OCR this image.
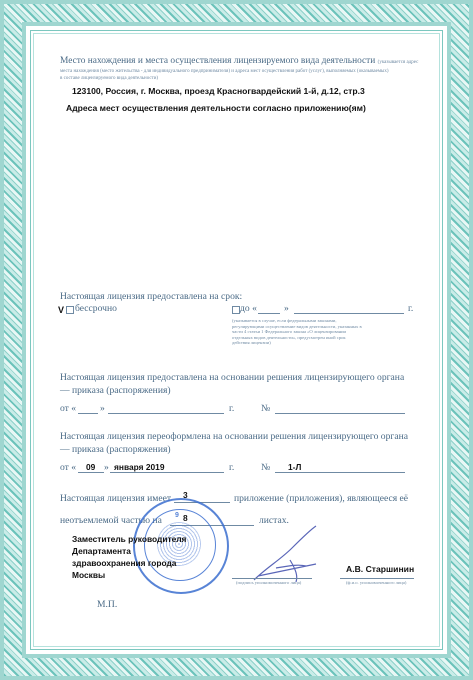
Место нахождения и места осуществления лицензируемого вида деятельности (указывается адрес
места нахождения (место жительства - для индивидуального предпринимателя) и адреса мест осуществления работ (услуг), выполняемых (оказываемых)
в составе лицензируемого вида деятельности)
123100, Россия, г. Москва, проезд Красногвардейский 1-й, д.12, стр.3
Адреса мест осуществления деятельности согласно приложению(ям)
Настоящая лицензия предоставлена на срок:
V бессрочно	до «	»	г.
(указывается в случае, если федеральными законами, регулирующими осуществление видов деятельности, указанных в части 4 статьи 1 Федерального закона «О лицензировании отдельных видов деятельности», предусмотрен иной срок действия лицензии)
Настоящая лицензия предоставлена на основании решения лицензирующего органа
— приказа (распоряжения)
от « »	г.	№
Настоящая лицензия переоформлена на основании решения лицензирующего органа
— приказа (распоряжения)
от « 09 » января 2019	г.	№ 1-Л
Настоящая лицензия имеет 3	приложение (приложения), являющееся её
неотъемлемой частью на	8	листах.
9
Заместитель руководителя
Департамента
здравоохранения города
Москвы
(подпись уполномоченного лица)
А.В. Старшинин
(ф.и.о. уполномоченного лица)
М.П.
